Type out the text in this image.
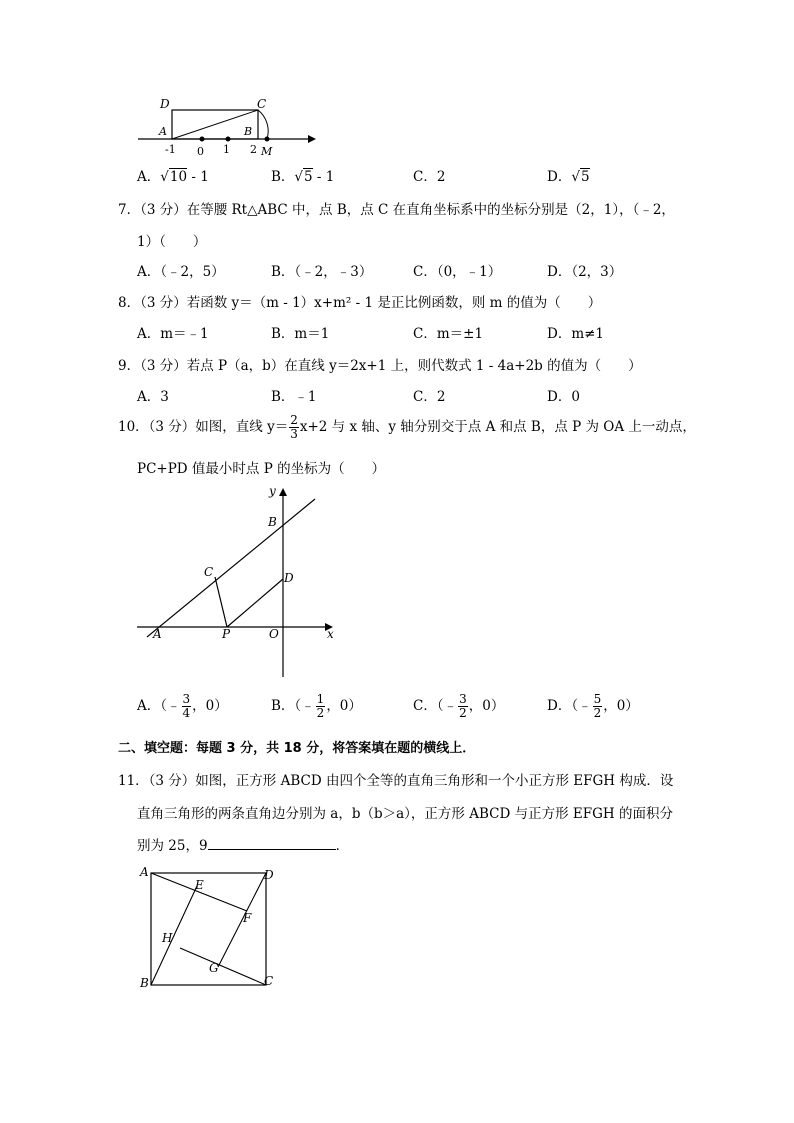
D	C
A	B
M
-1 0 1 2
A．√10 - 1	B．√5 - 1	C．2	D．√5
7．（3 分）在等腰 Rt△ABC 中，点 B，点 C 在直角坐标系中的坐标分别是（2，1），（﹣2，
1）（　　）
A．（﹣2，5）	B．（﹣2，﹣3）	C．（0，﹣1）	D．（2，3）
8．（3 分）若函数 y＝（m - 1）x+m² - 1 是正比例函数，则 m 的值为（　　）
A．m＝﹣1	B．m＝1	C．m＝±1	D．m≠1
9．（3 分）若点 P（a，b）在直线 y＝2x+1 上，则代数式 1 - 4a+2b 的值为（　　）
A．3	B．﹣1	C．2	D．0
10．（3 分）如图，直线 $y= \frac{2}{3} x+2$ 与 x 轴、y 轴分别交于点 A 和点 B，点 P 为 OA 上一动点，
PC+PD 值最小时点 P 的坐标为（　　）
y
x
B
C	D
A	P	O
A．（﹣ $\frac{3}{4}$ ，0）	B．（﹣ $\frac{1}{2}$ ，0）	C．（﹣ $\frac{3}{2}$ ，0）	D．（﹣ $\frac{5}{2}$ ，0）
二、填空题：每题 3 分，共 18 分，将答案填在题的横线上．
11．（3 分）如图，正方形 ABCD 由四个全等的直角三角形和一个小正方形 EFGH 构成．设
直角三角形的两条直角边分别为 a，b（b＞a），正方形 ABCD 与正方形 EFGH 的面积分
别为 25，9	．
A	D
B	C
E
F
G
H
